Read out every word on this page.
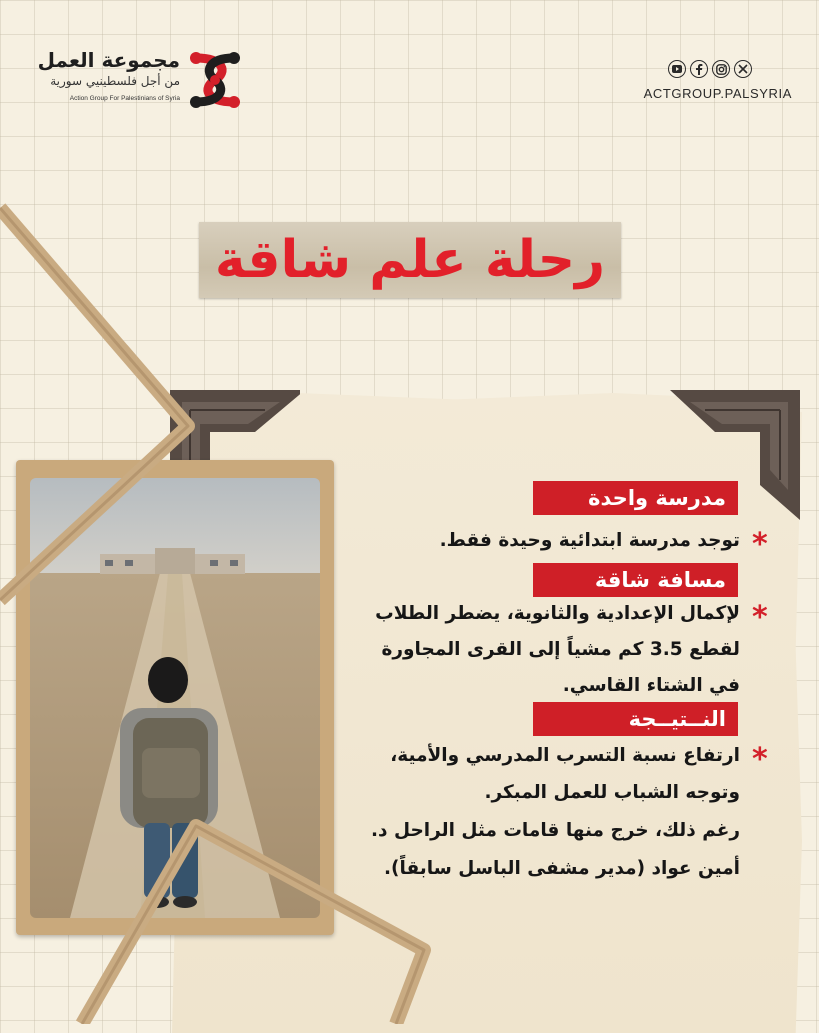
مجموعة العمل
من أجل فلسطينيي سورية
Action Group For Palestinians of Syria	ACTGROUP.PALSYRIA
رحلة علم شاقة
مدرسة واحدة
*
توجد مدرسة ابتدائية وحيدة فقط.
مسافة شاقة
*
لإكمال الإعدادية والثانوية، يضطر الطلاب
لقطع 3.5 كم مشياً إلى القرى المجاورة
في الشتاء القاسي.
النــتيــجة
*
ارتفاع نسبة التسرب المدرسي والأمية،
وتوجه الشباب للعمل المبكر.
رغم ذلك، خرج منها قامات مثل الراحل د.
أمين عواد (مدير مشفى الباسل سابقاً).
